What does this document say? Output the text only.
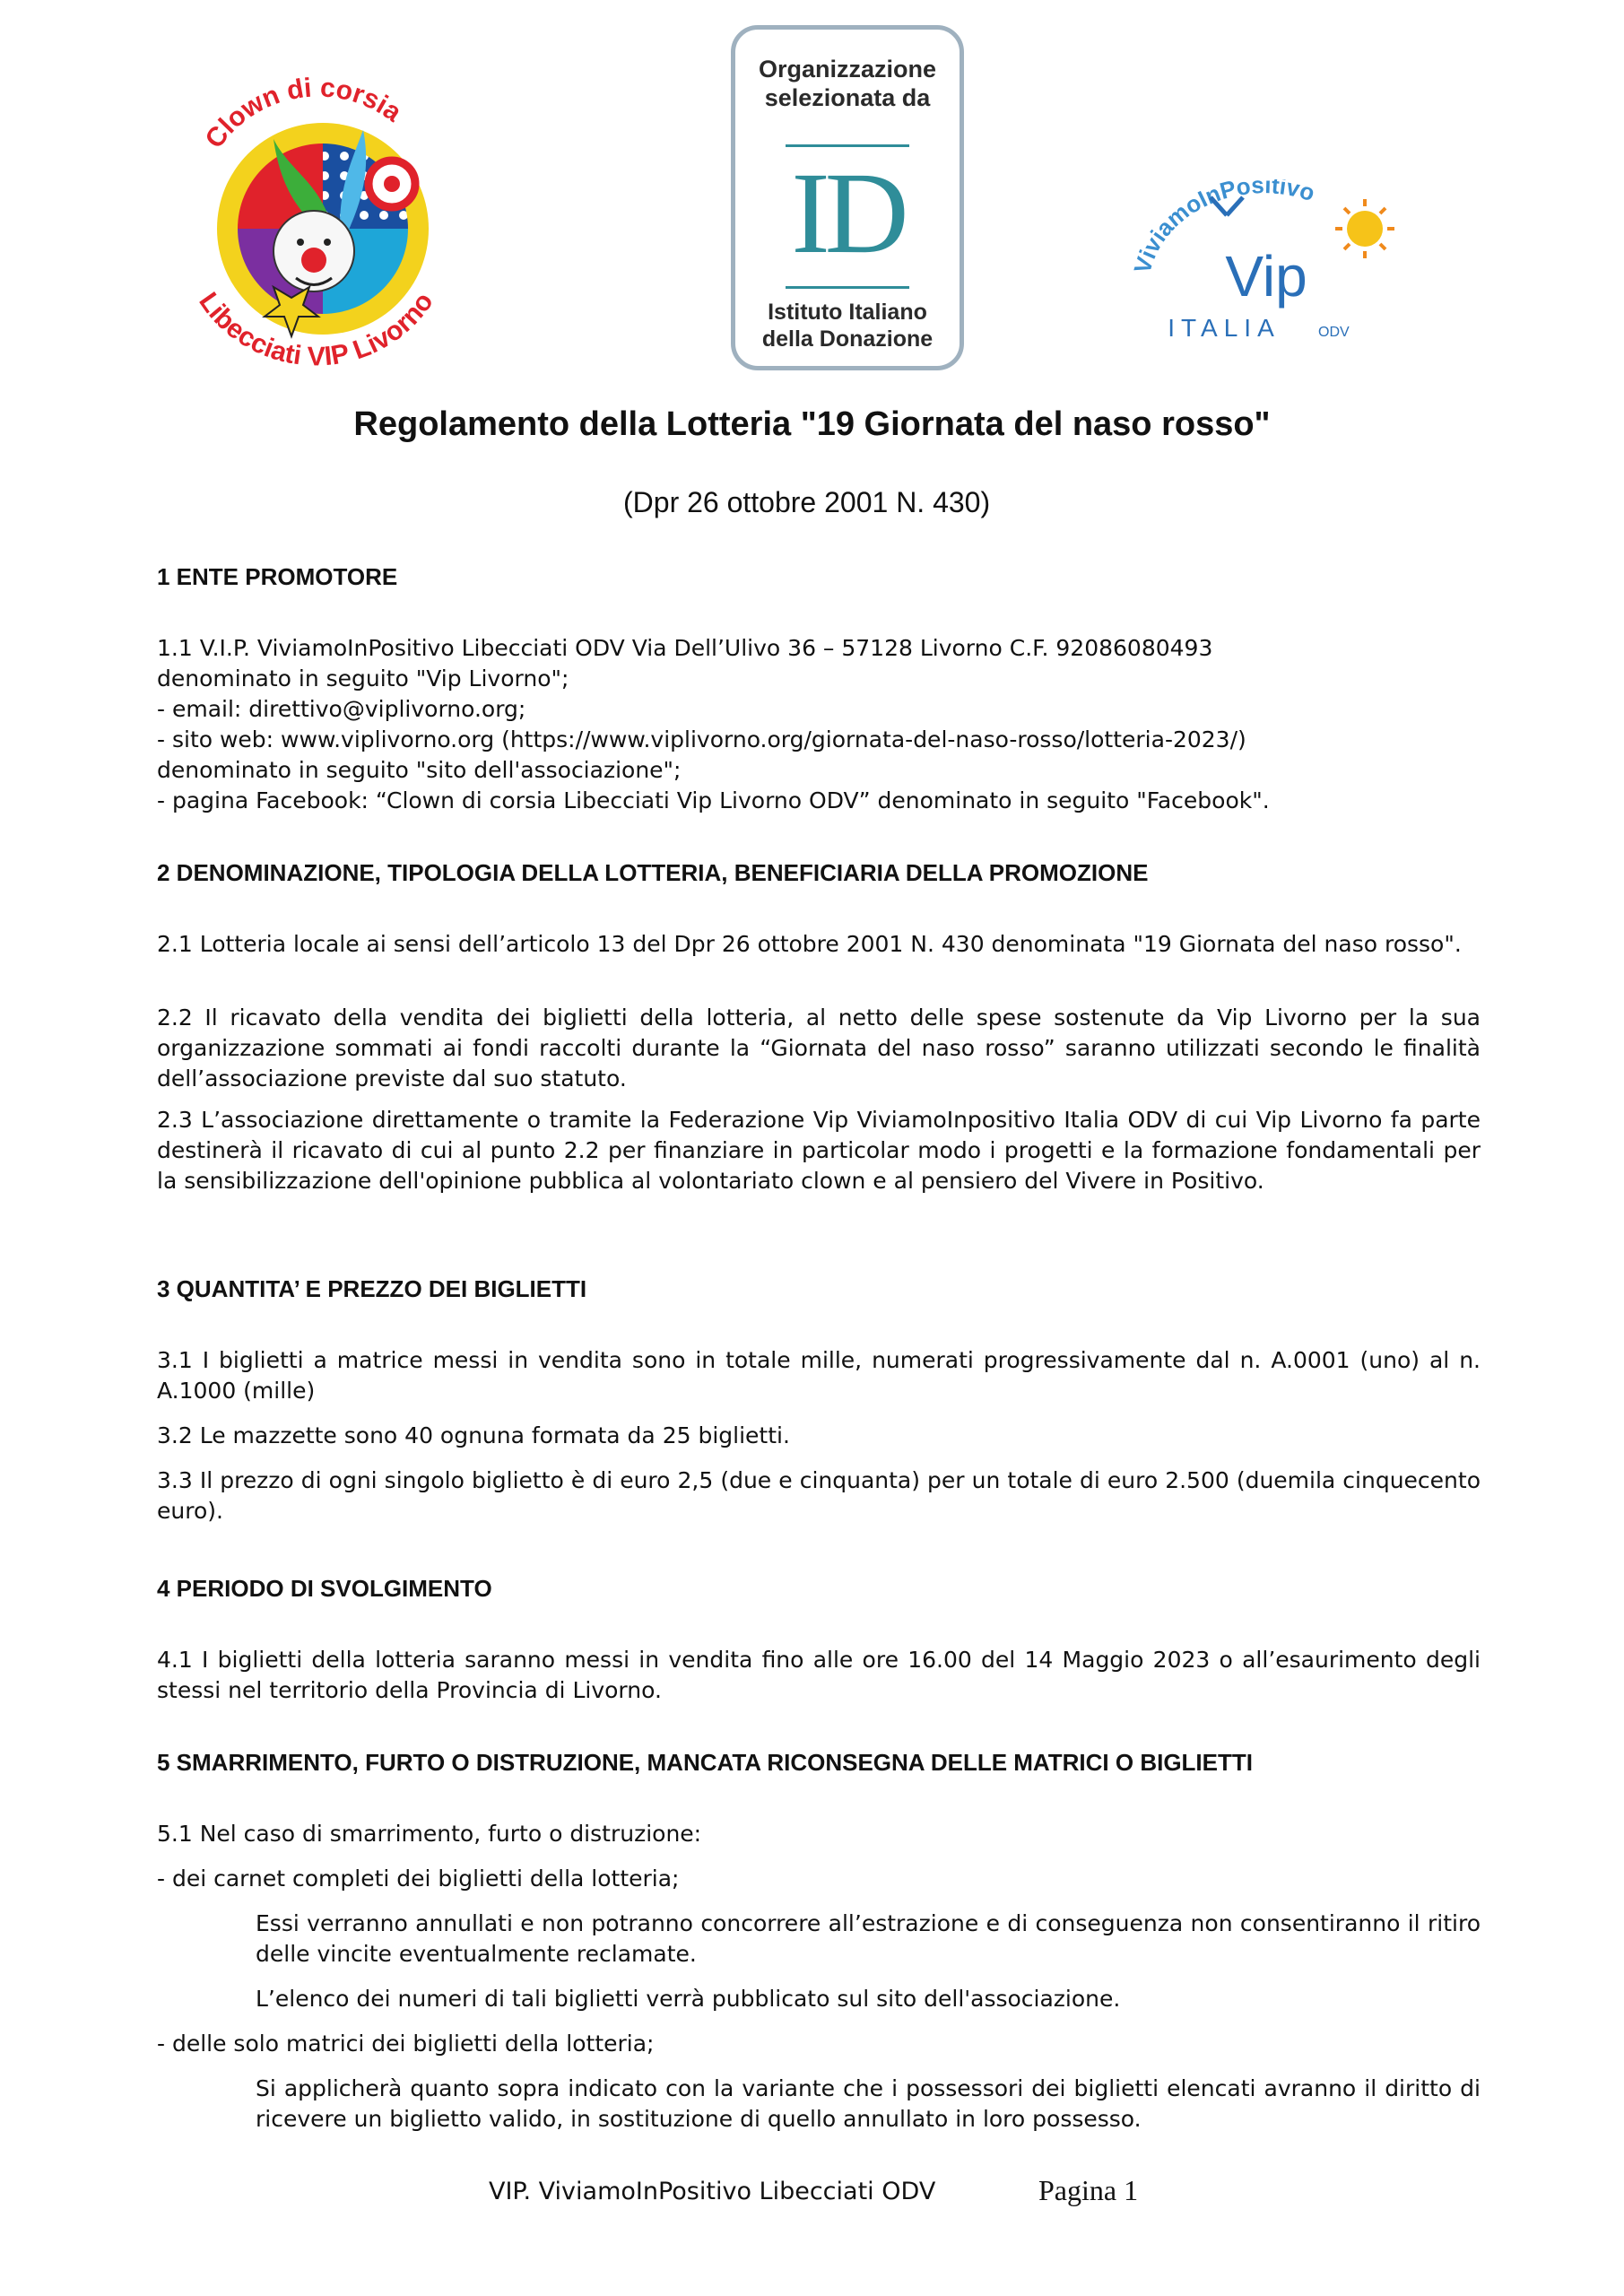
Clown di corsia
Libecciati VIP Livorno
Organizzazione
selezionata da
ID
Istituto Italiano
della Donazione
ViviamoInPositivo
Vip
ITALIA	ODV
Regolamento della Lotteria "19 Giornata del naso rosso"
(Dpr 26 ottobre 2001 N. 430)
1 ENTE PROMOTORE
1.1 V.I.P. ViviamoInPositivo Libecciati ODV Via Dell’Ulivo 36 – 57128 Livorno C.F. 92086080493
denominato in seguito "Vip Livorno";
- email: direttivo@viplivorno.org;
- sito web: www.viplivorno.org (https://www.viplivorno.org/giornata-del-naso-rosso/lotteria-2023/)
denominato in seguito "sito dell'associazione";
- pagina Facebook: “Clown di corsia Libecciati Vip Livorno ODV” denominato in seguito "Facebook".
2 DENOMINAZIONE, TIPOLOGIA DELLA LOTTERIA, BENEFICIARIA DELLA PROMOZIONE
2.1 Lotteria locale ai sensi dell’articolo 13 del Dpr 26 ottobre 2001 N. 430 denominata "19 Giornata del naso rosso".
2.2 Il ricavato della vendita dei biglietti della lotteria, al netto delle spese sostenute da Vip Livorno per la sua organizzazione sommati ai fondi raccolti durante la “Giornata del naso rosso” saranno utilizzati secondo le finalità dell’associazione previste dal suo statuto.
2.3 L’associazione direttamente o tramite la Federazione Vip ViviamoInpositivo Italia ODV di cui Vip Livorno fa parte destinerà il ricavato di cui al punto 2.2 per finanziare in particolar modo i progetti e la formazione fondamentali per la sensibilizzazione dell'opinione pubblica al volontariato clown e al pensiero del Vivere in Positivo.
3 QUANTITA’ E PREZZO DEI BIGLIETTI
3.1 I biglietti a matrice messi in vendita sono in totale mille, numerati progressivamente dal n. A.0001 (uno) al n. A.1000 (mille)
3.2 Le mazzette sono 40 ognuna formata da 25 biglietti.
3.3 Il prezzo di ogni singolo biglietto è di euro 2,5 (due e cinquanta) per un totale di euro 2.500 (duemila cinquecento euro).
4 PERIODO DI SVOLGIMENTO
4.1 I biglietti della lotteria saranno messi in vendita fino alle ore 16.00 del 14 Maggio 2023 o all’esaurimento degli stessi nel territorio della Provincia di Livorno.
5 SMARRIMENTO, FURTO O DISTRUZIONE, MANCATA RICONSEGNA DELLE MATRICI O BIGLIETTI
5.1 Nel caso di smarrimento, furto o distruzione:
- dei carnet completi dei biglietti della lotteria;
Essi verranno annullati e non potranno concorrere all’estrazione e di conseguenza non consentiranno il ritiro delle vincite eventualmente reclamate.
L’elenco dei numeri di tali biglietti verrà pubblicato sul sito dell'associazione.
- delle solo matrici dei biglietti della lotteria;
Si applicherà quanto sopra indicato con la variante che i possessori dei biglietti elencati avranno il diritto di ricevere un biglietto valido, in sostituzione di quello annullato in loro possesso.
VIP. ViviamoInPositivo Libecciati ODV	Pagina 1
